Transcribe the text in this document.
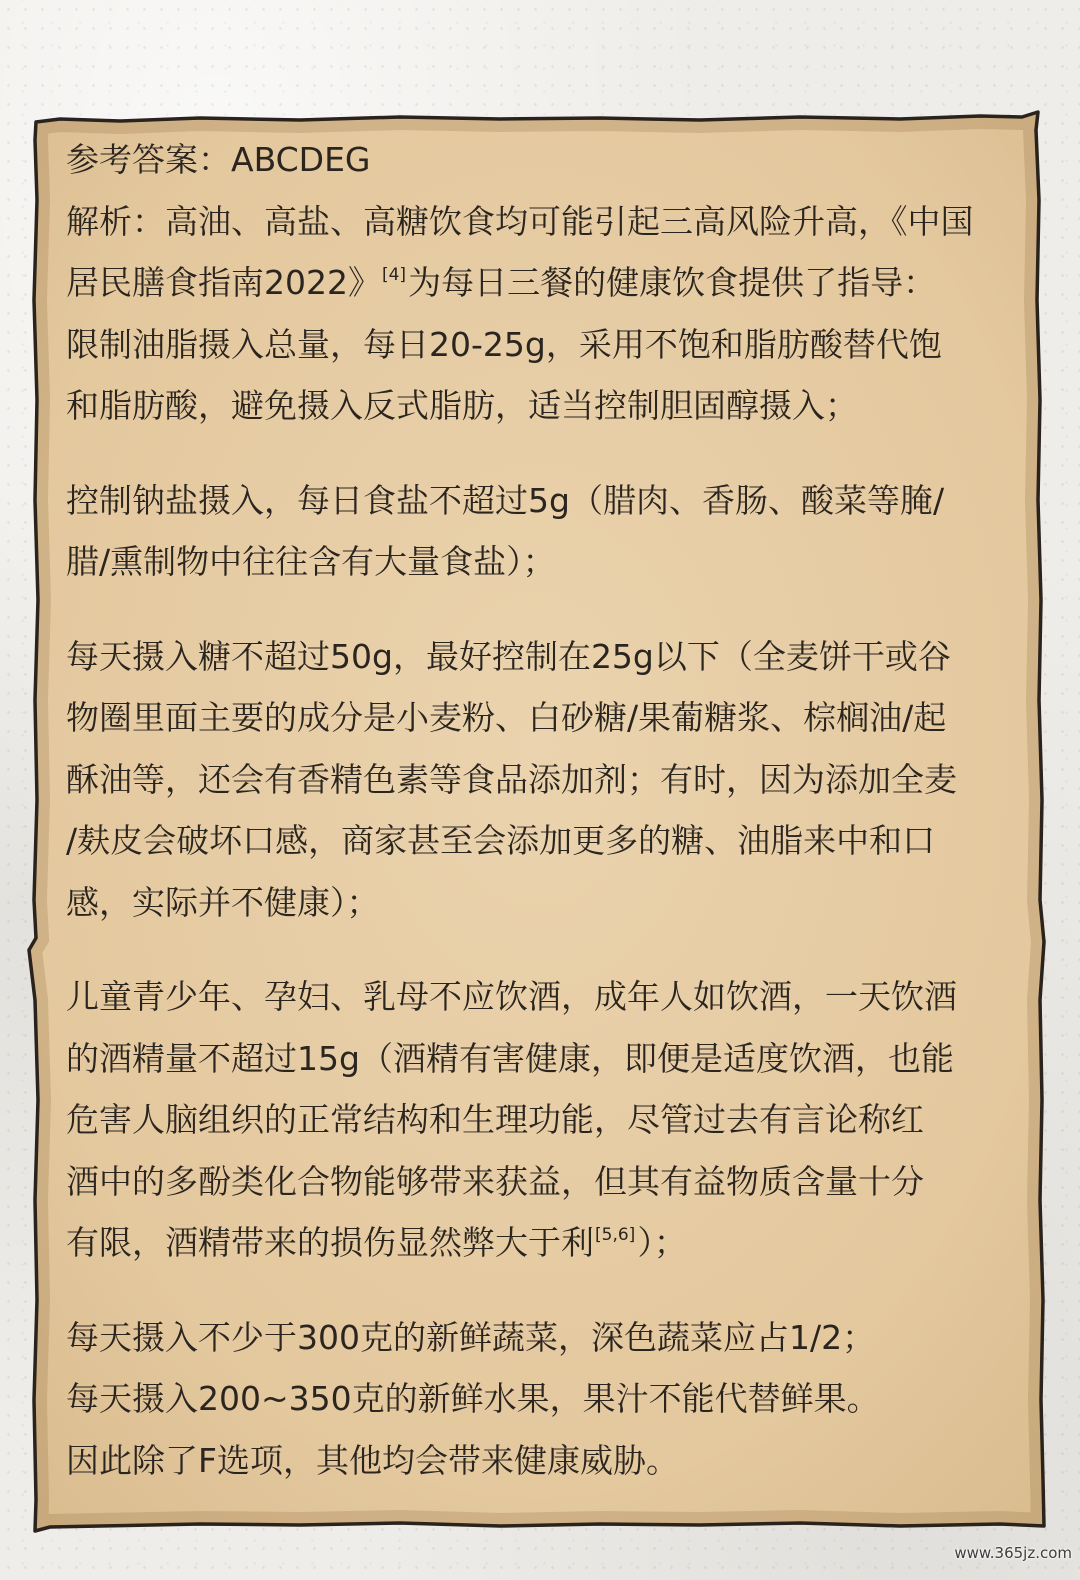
参考答案：ABCDEG
解析：高油、高盐、高糖饮食均可能引起三高风险升高，《中国
居民膳食指南2022》[4]为每日三餐的健康饮食提供了指导：
限制油脂摄入总量，每日20-25g，采用不饱和脂肪酸替代饱
和脂肪酸，避免摄入反式脂肪，适当控制胆固醇摄入；
控制钠盐摄入，每日食盐不超过5g（腊肉、香肠、酸菜等腌/
腊/熏制物中往往含有大量食盐）；
每天摄入糖不超过50g，最好控制在25g以下（全麦饼干或谷
物圈里面主要的成分是小麦粉、白砂糖/果葡糖浆、棕榈油/起
酥油等，还会有香精色素等食品添加剂；有时，因为添加全麦
/麸皮会破坏口感，商家甚至会添加更多的糖、油脂来中和口
感，实际并不健康）；
儿童青少年、孕妇、乳母不应饮酒，成年人如饮酒，一天饮酒
的酒精量不超过15g（酒精有害健康，即便是适度饮酒，也能
危害人脑组织的正常结构和生理功能，尽管过去有言论称红
酒中的多酚类化合物能够带来获益，但其有益物质含量十分
有限，酒精带来的损伤显然弊大于利[5,6]）；
每天摄入不少于300克的新鲜蔬菜，深色蔬菜应占1/2；
每天摄入200~350克的新鲜水果，果汁不能代替鲜果。
因此除了F选项，其他均会带来健康威胁。
www.365jz.com
